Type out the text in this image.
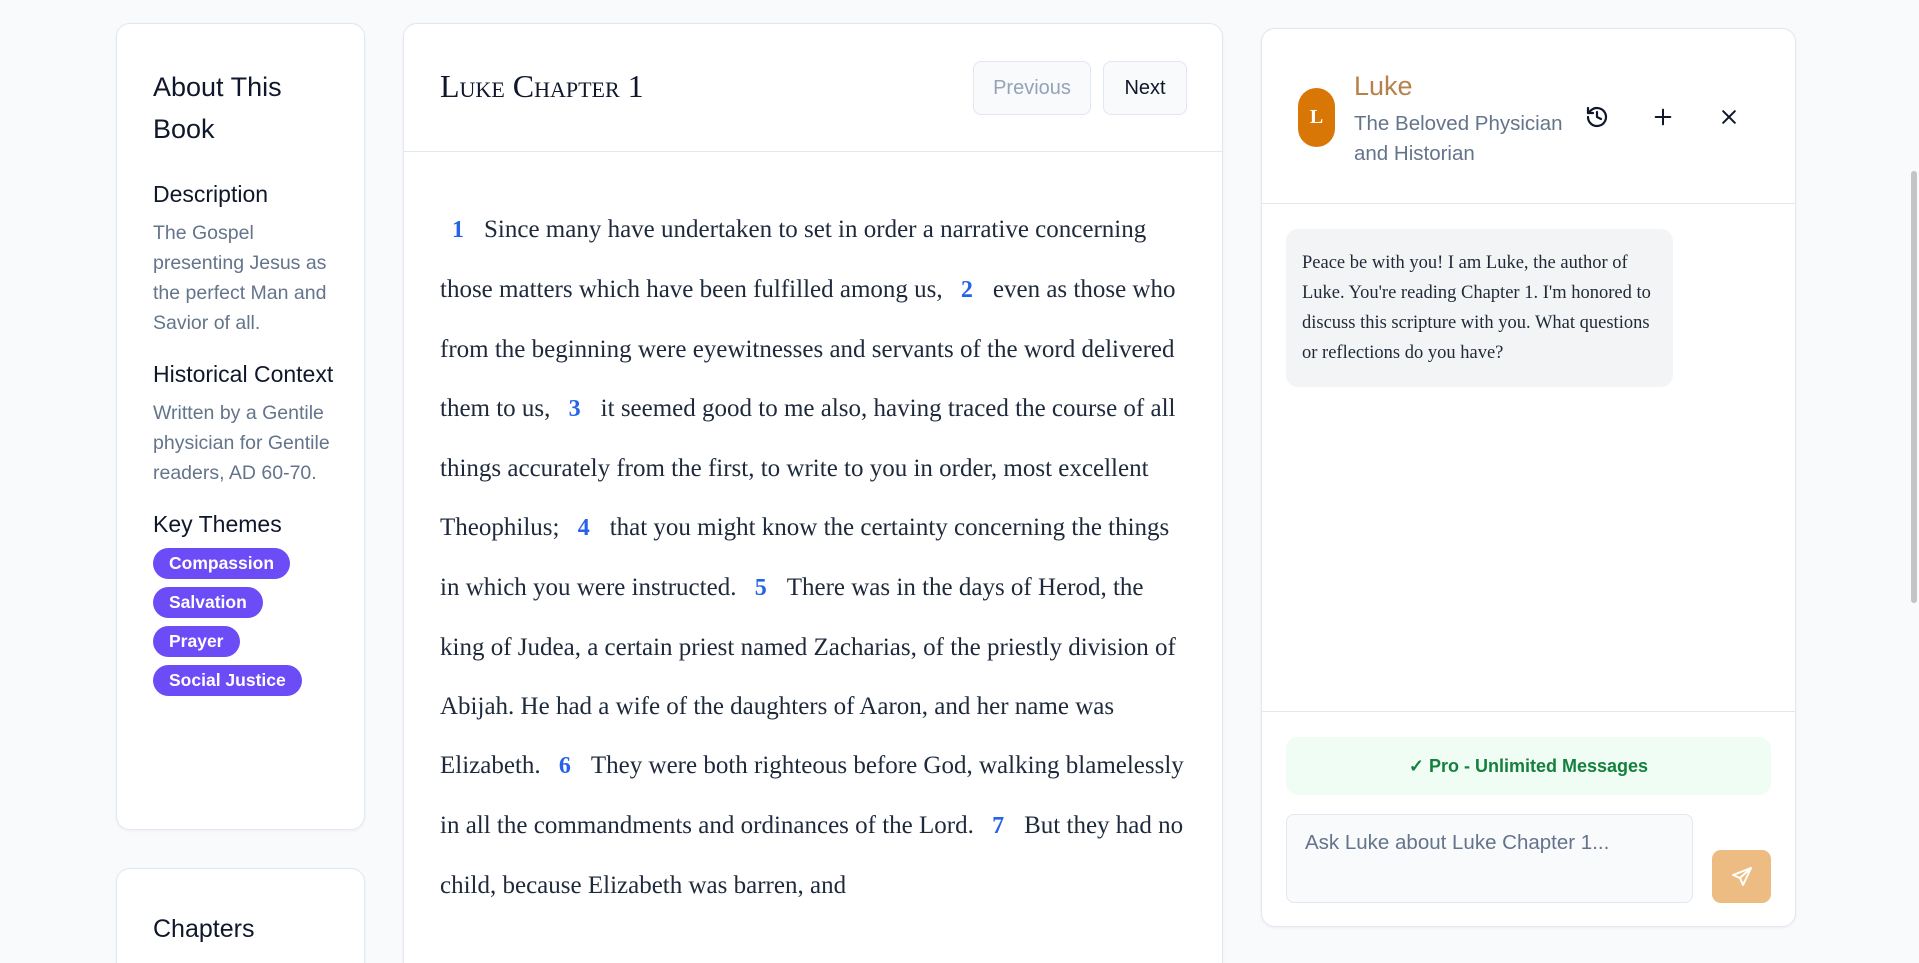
About This Book
Description
The Gospel presenting Jesus as the perfect Man and Savior of all.
Historical Context
Written by a Gentile physician for Gentile readers, AD 60-70.
Key Themes
Compassion
Salvation
Prayer
Social Justice
Chapters
Luke Chapter 1	Previous	Next
1 Since many have undertaken to set in order a narrative concerning those matters which have been fulfilled among us, 2 even as those who from the beginning were eyewitnesses and servants of the word delivered them to us, 3 it seemed good to me also, having traced the course of all things accurately from the first, to write to you in order, most excellent Theophilus; 4 that you might know the certainty concerning the things in which you were instructed. 5 There was in the days of Herod, the king of Judea, a certain priest named Zacharias, of the priestly division of Abijah. He had a wife of the daughters of Aaron, and her name was Elizabeth. 6 They were both righteous before God, walking blamelessly in all the commandments and ordinances of the Lord. 7 But they had no child, because Elizabeth was barren, and
L
Luke
The Beloved Physician and Historian
Peace be with you! I am Luke, the author of Luke. You're reading Chapter 1. I'm honored to discuss this scripture with you. What questions or reflections do you have?
✓ Pro - Unlimited Messages
Ask Luke about Luke Chapter 1...
